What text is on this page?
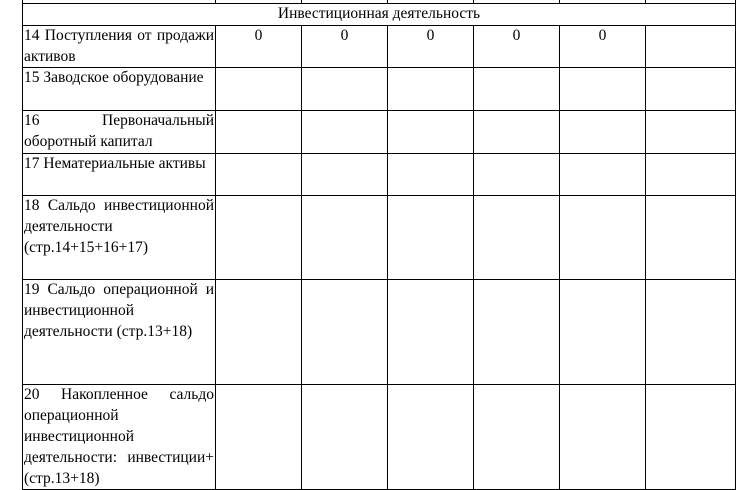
Инвестиционная деятельность						
14 Поступления от продажи активов	0	0	0	0	0	
15 Заводское оборудование						
16 Первоначальный оборотный капитал						
17 Нематериальные активы						
18 Сальдо инвестиционной деятельности (стр.14+15+16+17)						
19 Сальдо операционной и инвестиционной деятельности (стр.13+18)						
20 Накопленное сальдо операционной инвестиционной деятельности: инвестиции+(стр.13+18)						
